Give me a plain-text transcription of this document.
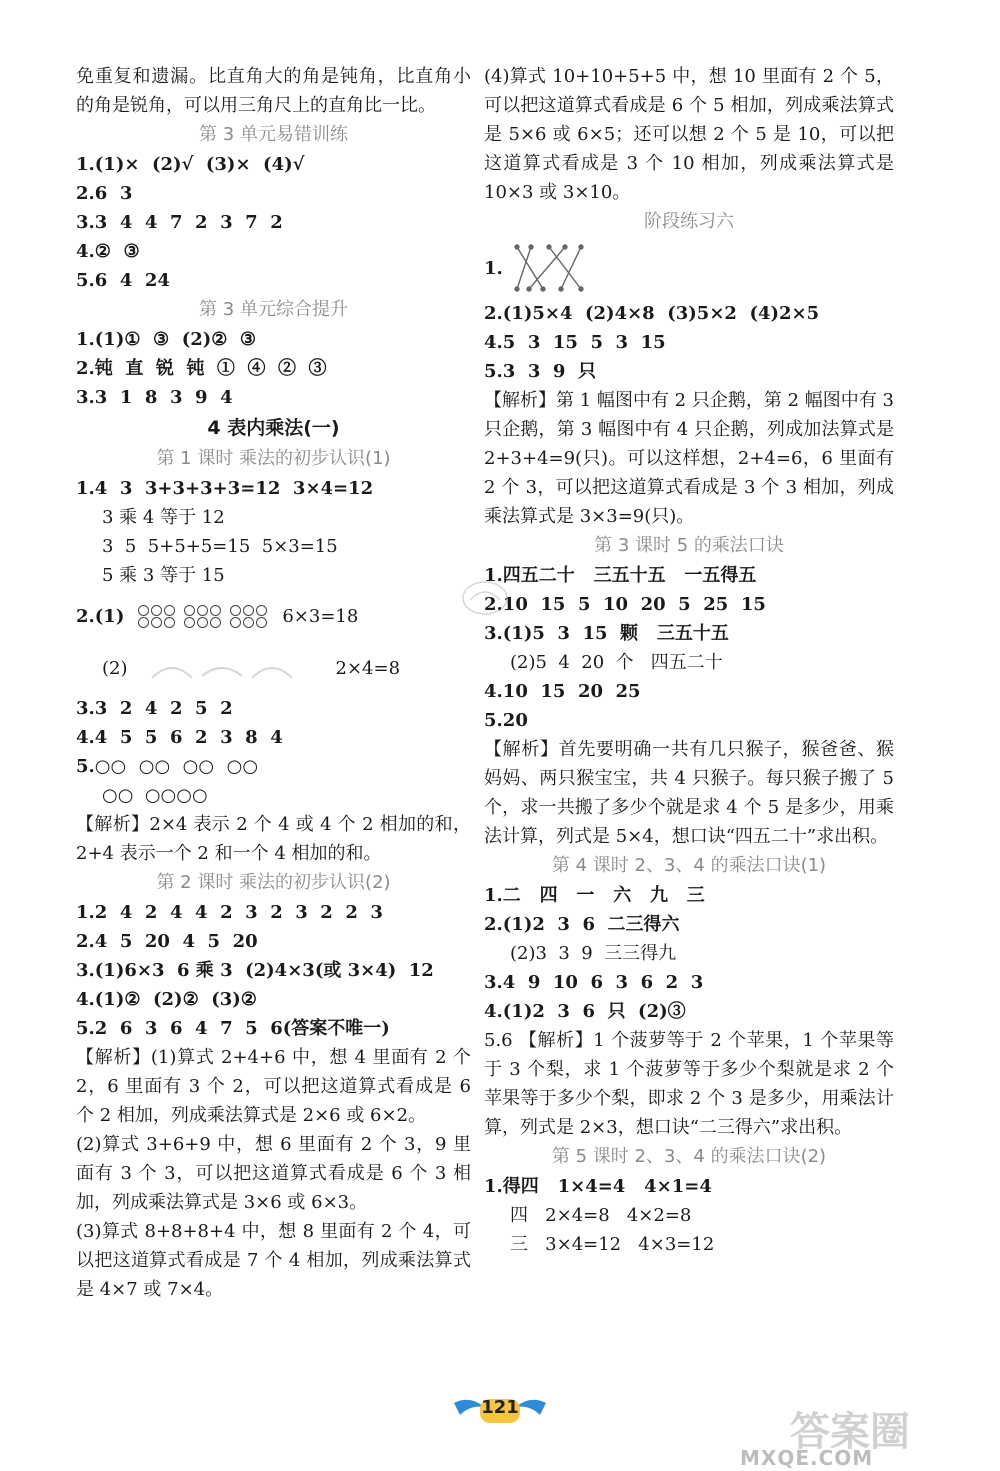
免重复和遗漏。比直角大的角是钝角，比直角小的角是锐角，可以用三角尺上的直角比一比。
第 3 单元易错训练
1.(1)×  (2)√  (3)×  (4)√
2.6  3
3.3  4  4  7  2  3  7  2
4.②  ③
5.6  4  24
第 3 单元综合提升
1.(1)①  ③  (2)②  ③
2.钝  直  锐  钝  ①  ④  ②  ③
3.3  1  8  3  9  4
4 表内乘法(一)
第 1 课时 乘法的初步认识(1)
1.4  3  3+3+3+3=12  3×4=12
3 乘 4 等于 12
3  5  5+5+5=15  5×3=15
5 乘 3 等于 15
2.(1)	6×3=18
(2)	2×4=8
3.3  2  4  2  5  2
4.4  5  5  6  2  3  8  4
5.○○  ○○  ○○  ○○
○○  ○○○○
【解析】2×4 表示 2 个 4 或 4 个 2 相加的和，2+4 表示一个 2 和一个 4 相加的和。
第 2 课时 乘法的初步认识(2)
1.2  4  2  4  4  2  3  2  3  2  2  3
2.4  5  20  4  5  20
3.(1)6×3  6 乘 3  (2)4×3(或 3×4)  12
4.(1)②  (2)②  (3)②
5.2  6  3  6  4  7  5  6(答案不唯一)
【解析】(1)算式 2+4+6 中，想 4 里面有 2 个 2，6 里面有 3 个 2，可以把这道算式看成是 6 个 2 相加，列成乘法算式是 2×6 或 6×2。
(2)算式 3+6+9 中，想 6 里面有 2 个 3，9 里面有 3 个 3，可以把这道算式看成是 6 个 3 相加，列成乘法算式是 3×6 或 6×3。
(3)算式 8+8+8+4 中，想 8 里面有 2 个 4，可以把这道算式看成是 7 个 4 相加，列成乘法算式是 4×7 或 7×4。
(4)算式 10+10+5+5 中，想 10 里面有 2 个 5，可以把这道算式看成是 6 个 5 相加，列成乘法算式是 5×6 或 6×5；还可以想 2 个 5 是 10，可以把这道算式看成是 3 个 10 相加，列成乘法算式是 10×3 或 3×10。
阶段练习六
1.
2.(1)5×4  (2)4×8  (3)5×2  (4)2×5
4.5  3  15  5  3  15
5.3  3  9  只
【解析】第 1 幅图中有 2 只企鹅，第 2 幅图中有 3 只企鹅，第 3 幅图中有 4 只企鹅，列成加法算式是 2+3+4=9(只)。可以这样想，2+4=6，6 里面有 2 个 3，可以把这道算式看成是 3 个 3 相加，列成乘法算式是 3×3=9(只)。
第 3 课时 5 的乘法口诀
1.四五二十   三五十五   一五得五
2.10  15  5  10  20  5  25  15
3.(1)5  3  15  颗   三五十五
(2)5  4  20  个   四五二十
4.10  15  20  25
5.20
【解析】首先要明确一共有几只猴子，猴爸爸、猴妈妈、两只猴宝宝，共 4 只猴子。每只猴子搬了 5 个，求一共搬了多少个就是求 4 个 5 是多少，用乘法计算，列式是 5×4，想口诀“四五二十”求出积。
第 4 课时 2、3、4 的乘法口诀(1)
1.二   四   一   六   九   三
2.(1)2  3  6  二三得六
(2)3  3  9  三三得九
3.4  9  10  6  3  6  2  3
4.(1)2  3  6  只  (2)③
5.6 【解析】1 个菠萝等于 2 个苹果，1 个苹果等于 3 个梨，求 1 个菠萝等于多少个梨就是求 2 个苹果等于多少个梨，即求 2 个 3 是多少，用乘法计算，列式是 2×3，想口诀“二三得六”求出积。
第 5 课时 2、3、4 的乘法口诀(2)
1.得四   1×4=4   4×1=4
四   2×4=8   4×2=8
三   3×4=12   4×3=12
121
答案圈
MXQE.COM
